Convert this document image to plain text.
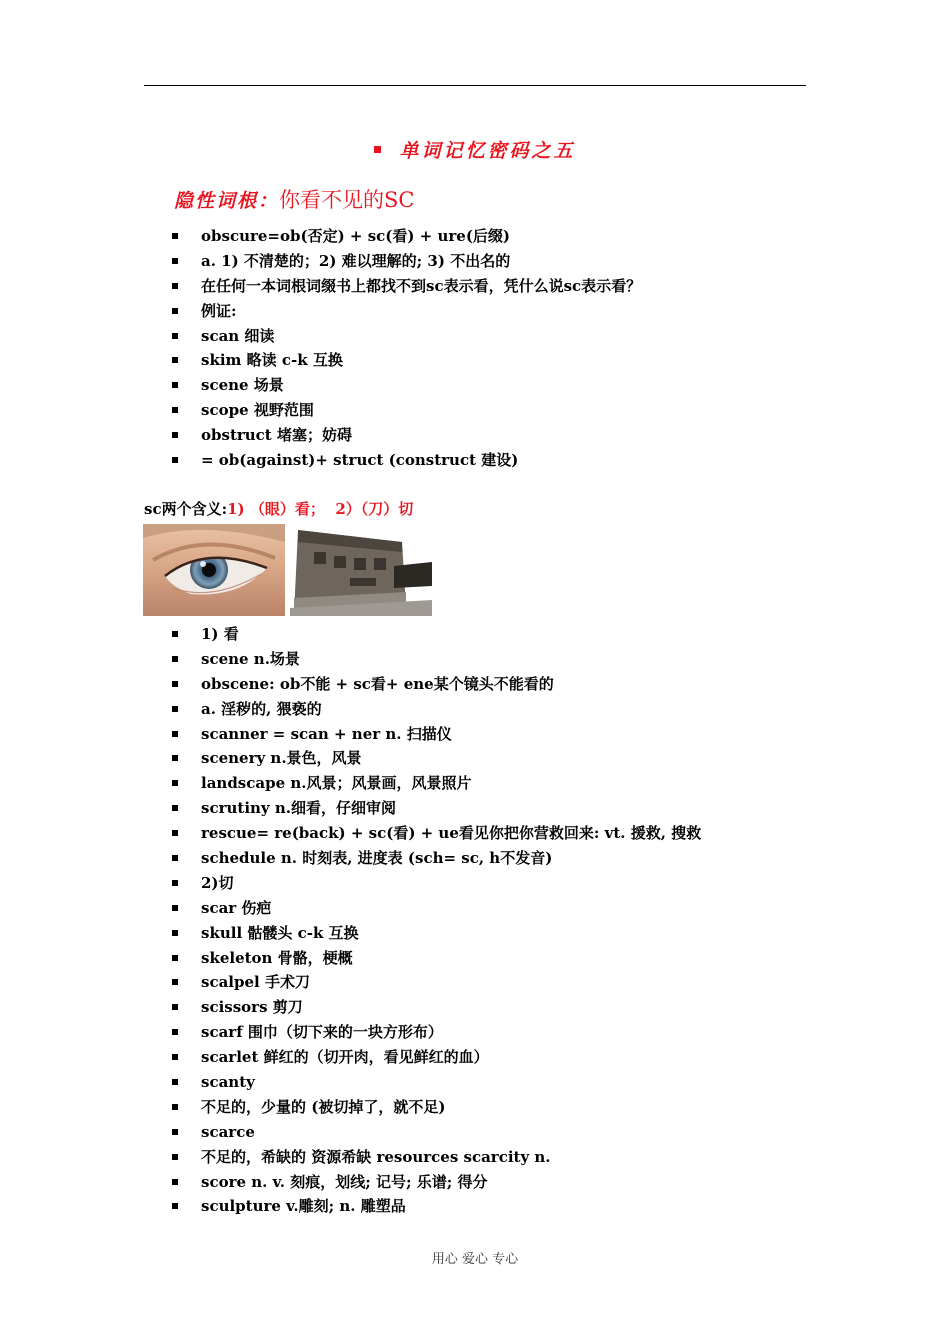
单词记忆密码之五
隐性词根：你看不见的SC
obscure=ob(否定) + sc(看) + ure(后缀)
a. 1) 不清楚的；2) 难以理解的; 3) 不出名的
在任何一本词根词缀书上都找不到sc表示看，凭什么说sc表示看？
例证:
scan 细读
skim 略读 c-k 互换
scene 场景
scope 视野范围
obstruct 堵塞；妨碍
= ob(against)+ struct (construct 建设)
sc两个含义:1) （眼）看； 2）（刀）切
1) 看
scene n.场景
obscene: ob不能 + sc看+ ene某个镜头不能看的
a. 淫秽的, 猥亵的
scanner = scan + ner n. 扫描仪
scenery n.景色，风景
landscape n.风景；风景画，风景照片
scrutiny n.细看，仔细审阅
rescue= re(back) + sc(看) + ue看见你把你营救回来: vt. 援救, 搜救
schedule n. 时刻表, 进度表 (sch= sc, h不发音)
2)切
scar 伤疤
skull 骷髅头 c-k 互换
skeleton 骨骼，梗概
scalpel 手术刀
scissors 剪刀
scarf 围巾（切下来的一块方形布）
scarlet 鲜红的（切开肉，看见鲜红的血）
scanty
不足的，少量的 (被切掉了，就不足)
scarce
不足的，希缺的 资源希缺 resources scarcity n.
score n. v. 刻痕，划线; 记号; 乐谱; 得分
sculpture v.雕刻; n. 雕塑品
用心 爱心 专心
